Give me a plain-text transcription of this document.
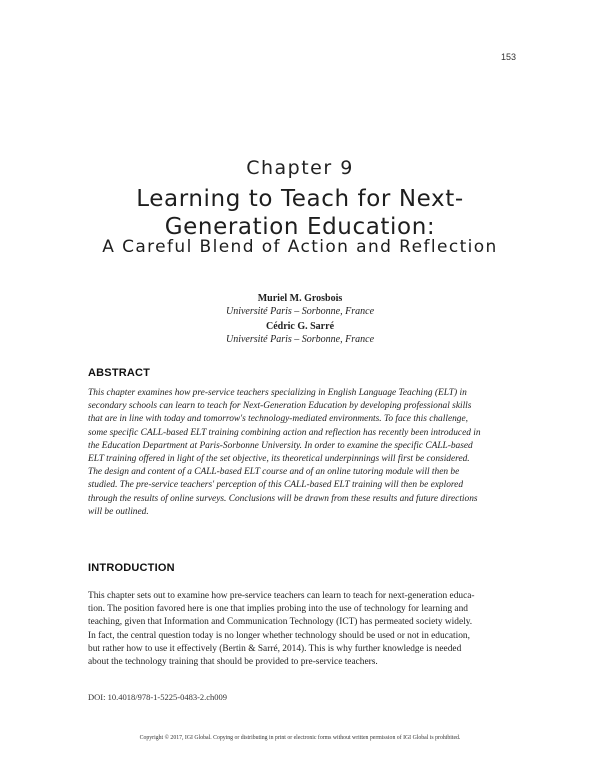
153
Chapter 9
Learning to Teach for Next-
Generation Education:
A Careful Blend of Action and Reflection
Muriel M. Grosbois
Université Paris – Sorbonne, France
Cédric G. Sarré
Université Paris – Sorbonne, France
ABSTRACT
This chapter examines how pre-service teachers specializing in English Language Teaching (ELT) in
secondary schools can learn to teach for Next-Generation Education by developing professional skills
that are in line with today and tomorrow's technology-mediated environments. To face this challenge,
some specific CALL-based ELT training combining action and reflection has recently been introduced in
the Education Department at Paris-Sorbonne University. In order to examine the specific CALL-based
ELT training offered in light of the set objective, its theoretical underpinnings will first be considered.
The design and content of a CALL-based ELT course and of an online tutoring module will then be
studied. The pre-service teachers' perception of this CALL-based ELT training will then be explored
through the results of online surveys. Conclusions will be drawn from these results and future directions
will be outlined.
INTRODUCTION
This chapter sets out to examine how pre-service teachers can learn to teach for next-generation educa-
tion. The position favored here is one that implies probing into the use of technology for learning and
teaching, given that Information and Communication Technology (ICT) has permeated society widely.
In fact, the central question today is no longer whether technology should be used or not in education,
but rather how to use it effectively (Bertin & Sarré, 2014). This is why further knowledge is needed
about the technology training that should be provided to pre-service teachers.
DOI: 10.4018/978-1-5225-0483-2.ch009
Copyright © 2017, IGI Global. Copying or distributing in print or electronic forms without written permission of IGI Global is prohibited.
